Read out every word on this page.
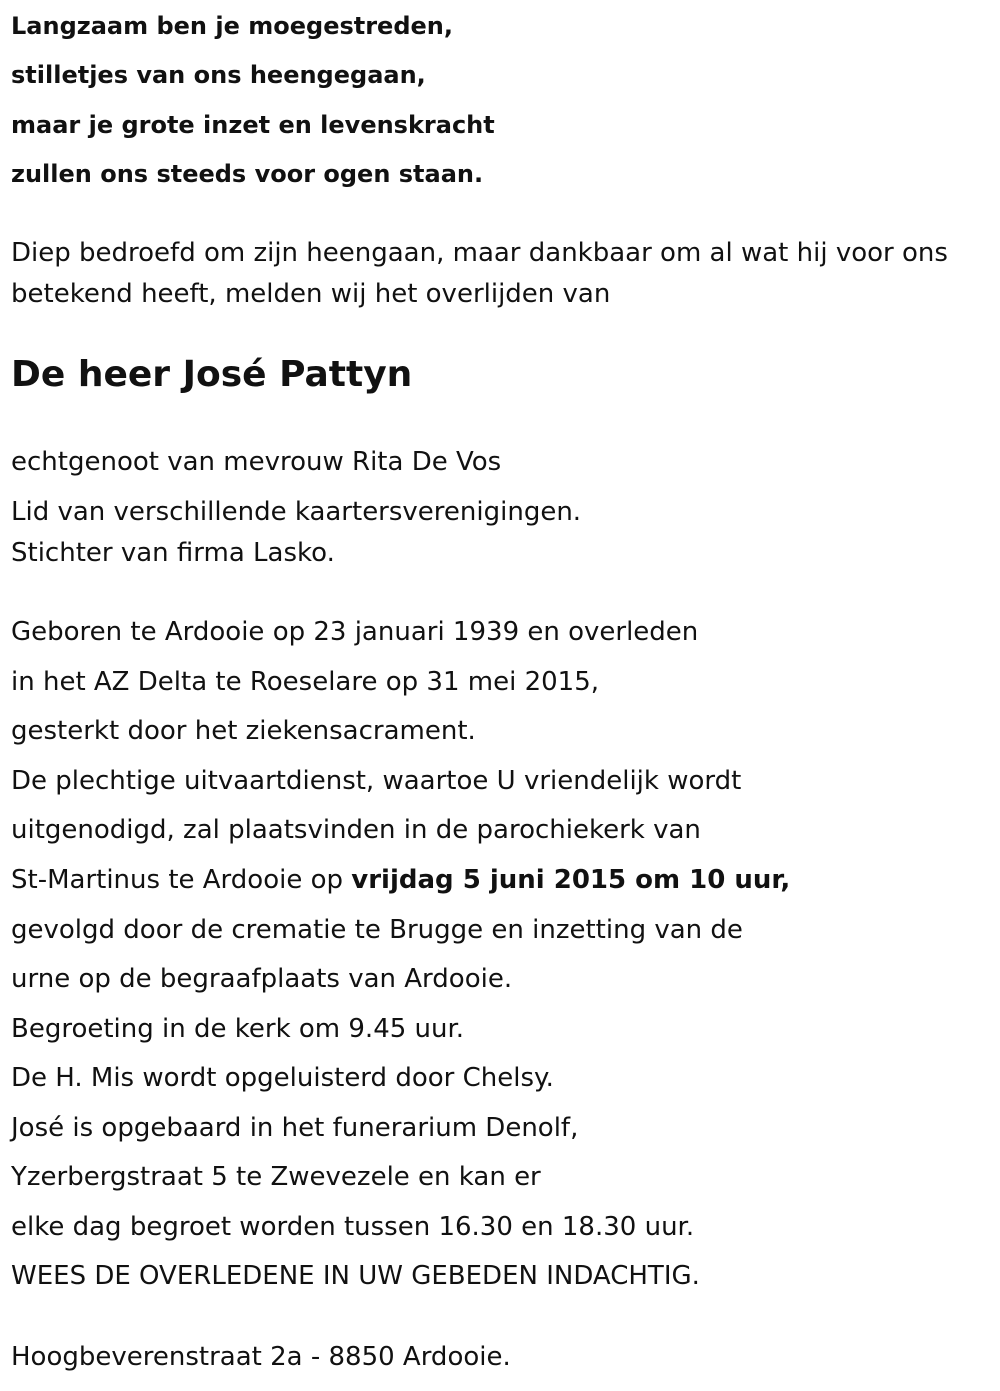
Langzaam ben je moegestreden,
stilletjes van ons heengegaan,
maar je grote inzet en levenskracht
zullen ons steeds voor ogen staan.
Diep bedroefd om zijn heengaan, maar dankbaar om al wat hij voor ons
betekend heeft, melden wij het overlijden van
De heer José Pattyn
echtgenoot van mevrouw Rita De Vos
Lid van verschillende kaartersverenigingen.
Stichter van firma Lasko.
Geboren te Ardooie op 23 januari 1939 en overleden
in het AZ Delta te Roeselare op 31 mei 2015,
gesterkt door het ziekensacrament.
De plechtige uitvaartdienst, waartoe U vriendelijk wordt
uitgenodigd, zal plaatsvinden in de parochiekerk van
St-Martinus te Ardooie op vrijdag 5 juni 2015 om 10 uur,
gevolgd door de crematie te Brugge en inzetting van de
urne op de begraafplaats van Ardooie.
Begroeting in de kerk om 9.45 uur.
De H. Mis wordt opgeluisterd door Chelsy.
José is opgebaard in het funerarium Denolf,
Yzerbergstraat 5 te Zwevezele en kan er
elke dag begroet worden tussen 16.30 en 18.30 uur.
WEES DE OVERLEDENE IN UW GEBEDEN INDACHTIG.
Hoogbeverenstraat 2a - 8850 Ardooie.
